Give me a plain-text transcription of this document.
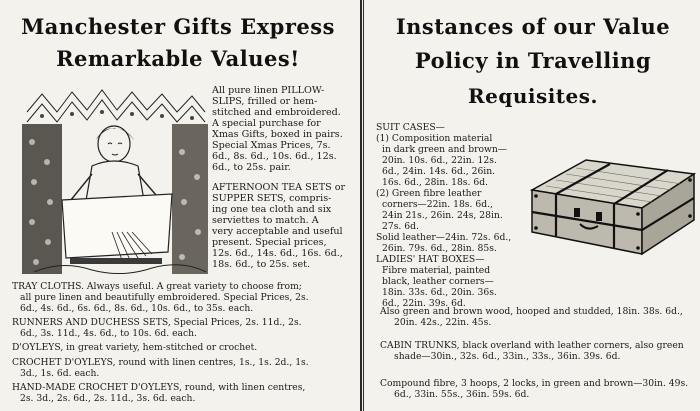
Manchester Gifts Express
Remarkable Values!
All pure linen PILLOW-
SLIPS, frilled or hem-
stitched and embroidered.
A special purchase for
Xmas Gifts, boxed in pairs.
Special Xmas Prices, 7s.
6d., 8s. 6d., 10s. 6d., 12s.
6d., to 25s. pair.
AFTERNOON TEA SETS or
SUPPER SETS, compris-
ing one tea cloth and six
serviettes to match. A
very acceptable and useful
present. Special prices,
12s. 6d., 14s. 6d., 16s. 6d.,
18s. 6d., to 25s. set.
TRAY CLOTHS. Always useful. A great variety to choose from;
all pure linen and beautifully embroidered. Special Prices, 2s.
6d., 4s. 6d., 6s. 6d., 8s. 6d., 10s. 6d., to 35s. each.
RUNNERS AND DUCHESS SETS, Special Prices, 2s. 11d., 2s.
6d., 3s. 11d., 4s. 6d., to 10s. 6d. each.
D'OYLEYS, in great variety, hem-stitched or crochet.
CROCHET D'OYLEYS, round with linen centres, 1s., 1s. 2d., 1s.
3d., 1s. 6d. each.
HAND-MADE CROCHET D'OYLEYS, round, with linen centres,
2s. 3d., 2s. 6d., 2s. 11d., 3s. 6d. each.
Instances of our Value
Policy in Travelling
Requisites.
SUIT CASES—
(1) Composition material
in dark green and brown—
20in. 10s. 6d., 22in. 12s.
6d., 24in. 14s. 6d., 26in.
16s. 6d., 28in. 18s. 6d.
(2) Green fibre leather
corners—22in. 18s. 6d.,
24in 21s., 26in. 24s, 28in.
27s. 6d.
Solid leather—24in. 72s. 6d.,
26in. 79s. 6d., 28in. 85s.
LADIES' HAT BOXES—
Fibre material, painted
black, leather corners—
18in. 33s. 6d., 20in. 36s.
6d., 22in. 39s. 6d.
Also green and brown wood, hooped and studded, 18in. 38s. 6d.,
20in. 42s., 22in. 45s.
CABIN TRUNKS, black overland with leather corners, also green
shade—30in., 32s. 6d., 33in., 33s., 36in. 39s. 6d.
Compound fibre, 3 hoops, 2 locks, in green and brown—30in. 49s.
6d., 33in. 55s., 36in. 59s. 6d.
